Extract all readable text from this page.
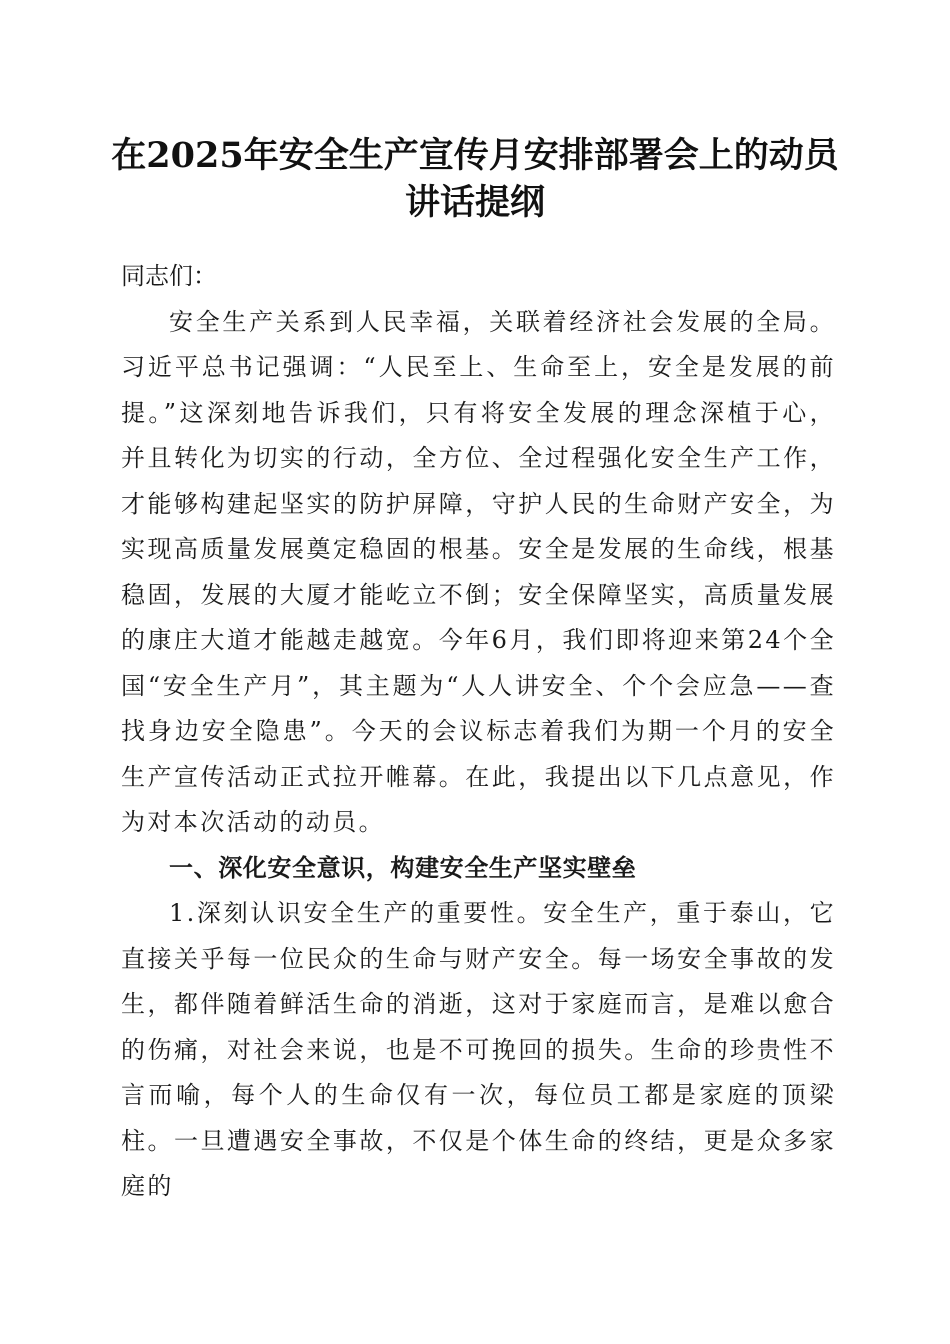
在2025年安全生产宣传月安排部署会上的动员讲话提纲

同志们：

安全生产关系到人民幸福，关联着经济社会发展的全局。习近平总书记强调：“人民至上、生命至上，安全是发展的前提。”这深刻地告诉我们，只有将安全发展的理念深植于心，并且转化为切实的行动，全方位、全过程强化安全生产工作，才能够构建起坚实的防护屏障，守护人民的生命财产安全，为实现高质量发展奠定稳固的根基。安全是发展的生命线，根基稳固，发展的大厦才能屹立不倒；安全保障坚实，高质量发展的康庄大道才能越走越宽。今年6月，我们即将迎来第24个全国“安全生产月”，其主题为“人人讲安全、个个会应急——查找身边安全隐患”。今天的会议标志着我们为期一个月的安全生产宣传活动正式拉开帷幕。在此，我提出以下几点意见，作为对本次活动的动员。

一、深化安全意识，构建安全生产坚实壁垒

1.深刻认识安全生产的重要性。安全生产，重于泰山，它直接关乎每一位民众的生命与财产安全。每一场安全事故的发生，都伴随着鲜活生命的消逝，这对于家庭而言，是难以愈合的伤痛，对社会来说，也是不可挽回的损失。生命的珍贵性不言而喻，每个人的生命仅有一次，每位员工都是家庭的顶梁柱。一旦遭遇安全事故，不仅是个体生命的终结，更是众多家庭的
